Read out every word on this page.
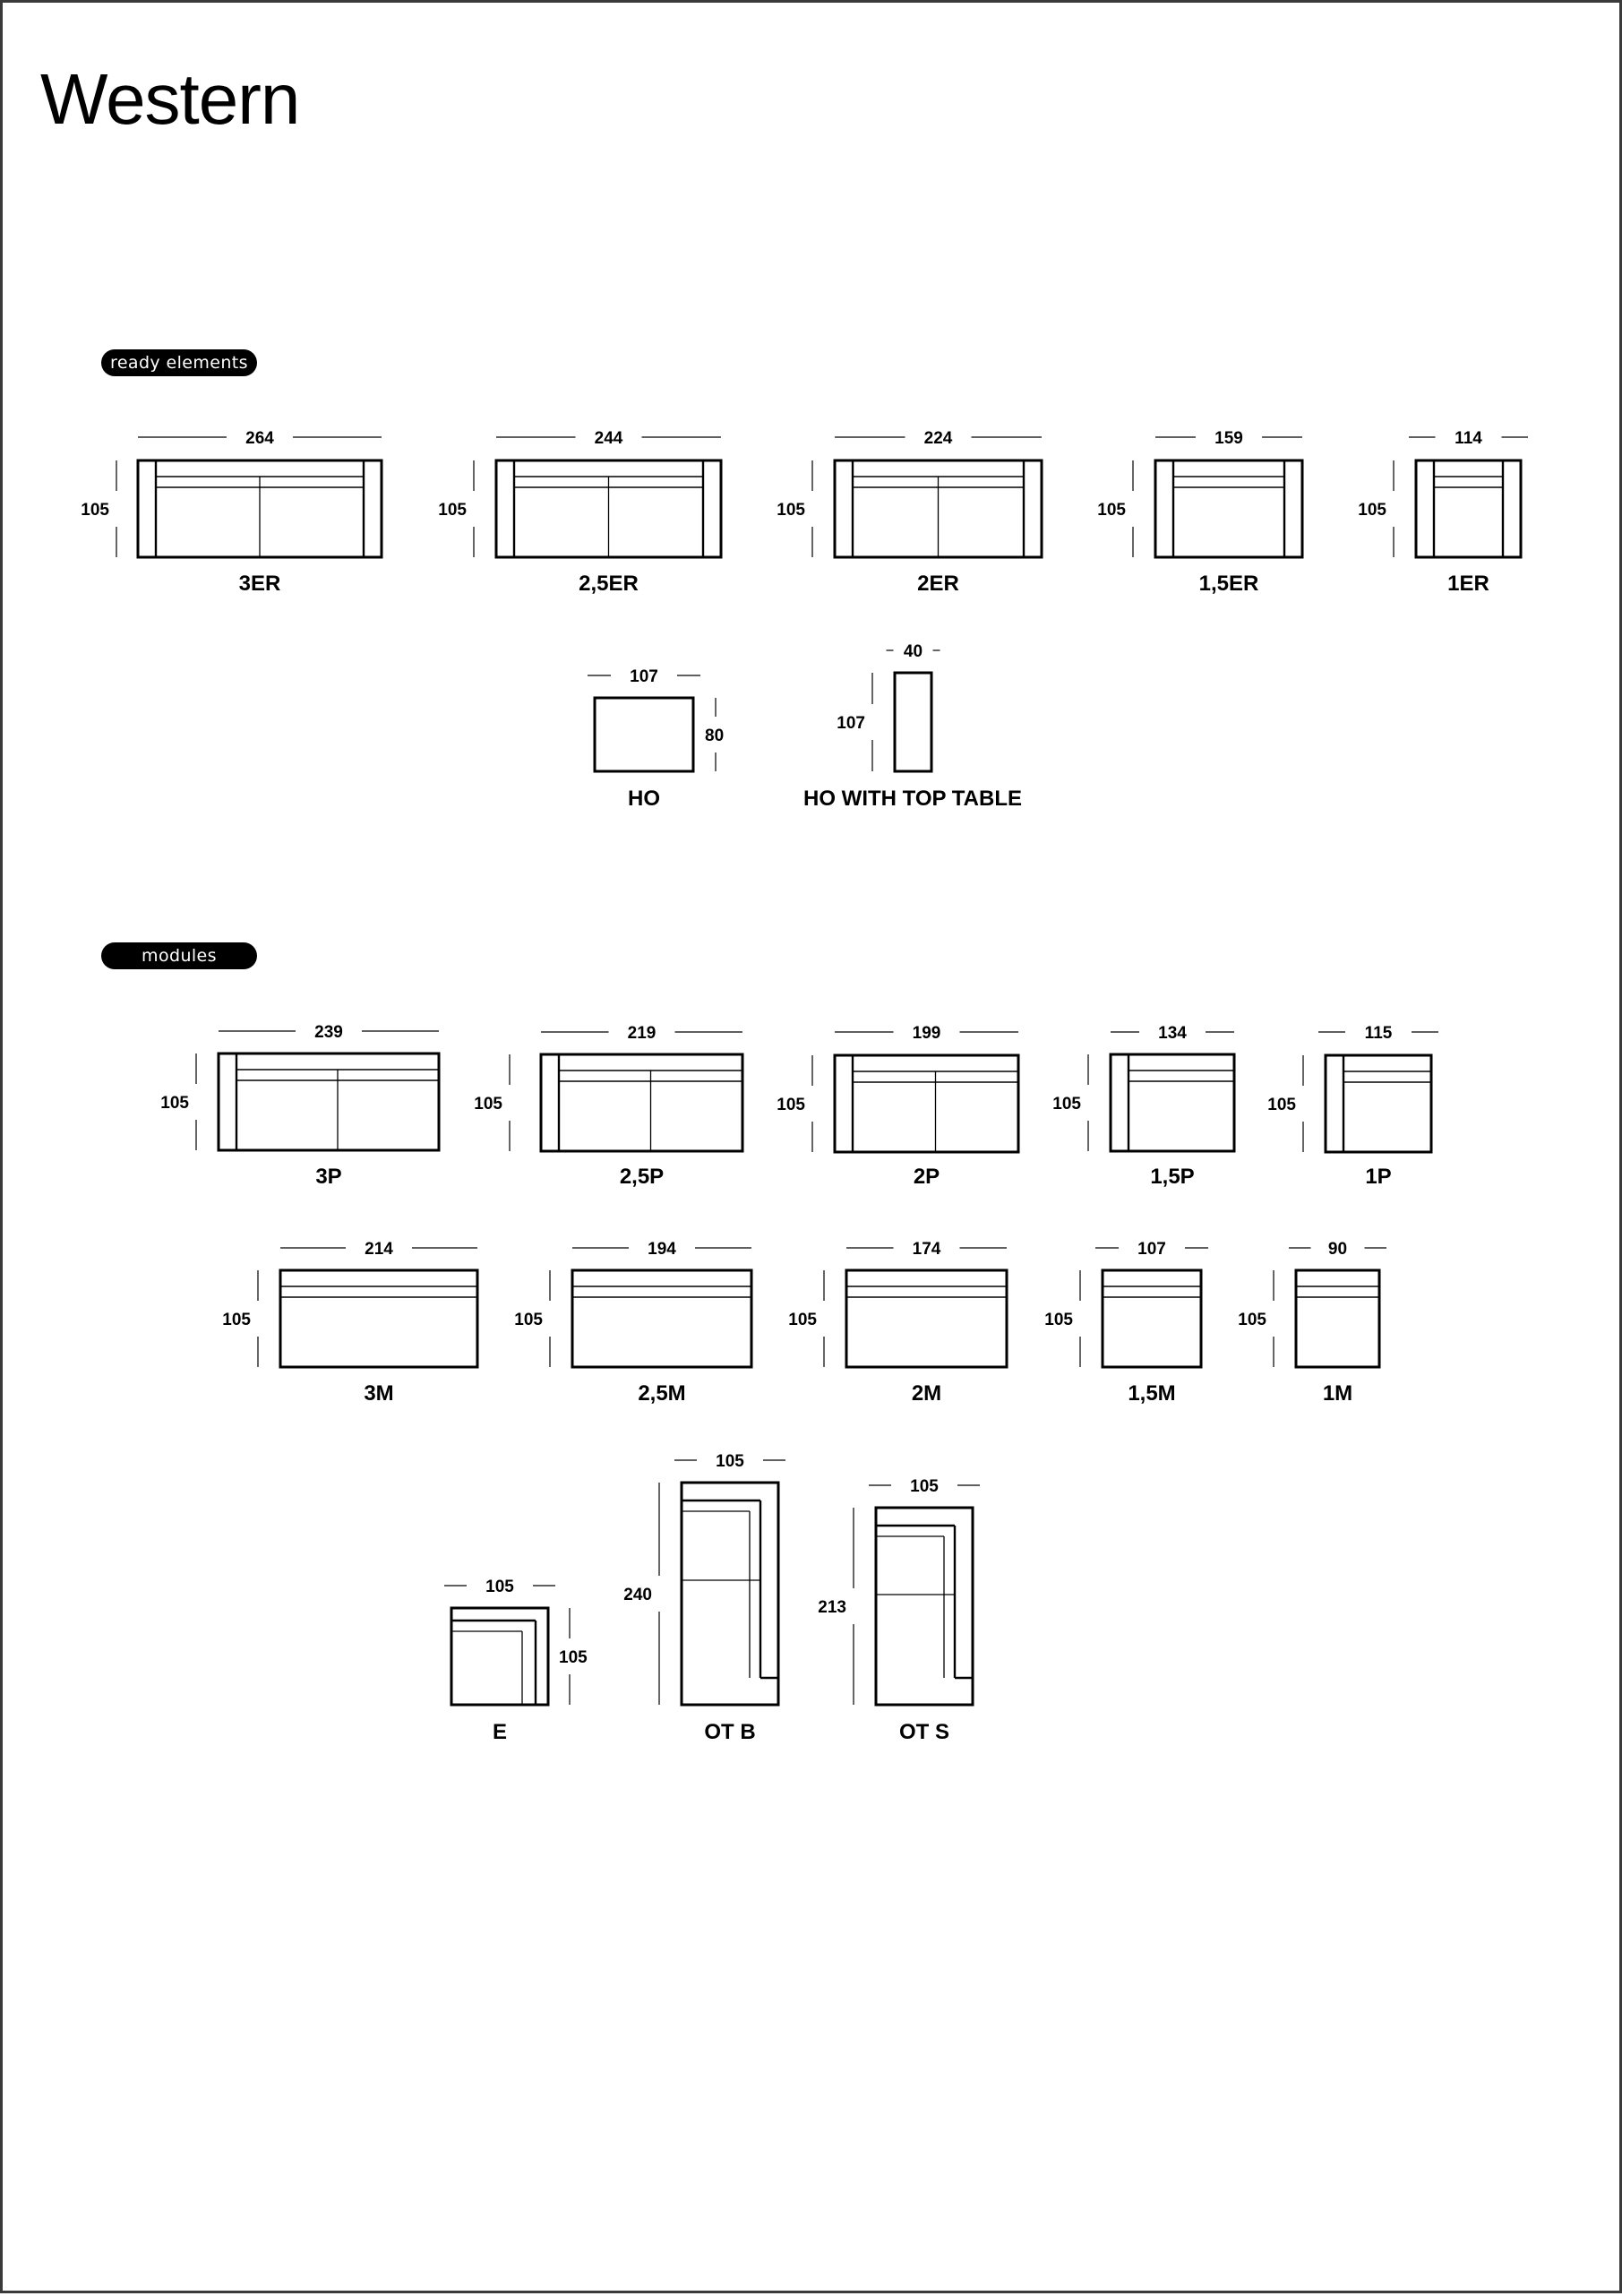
Western
ready elements
modules
264
105
3ER
244
105
2,5ER
224
105
2ER
159
105
1,5ER
114
105
1ER
107
80
HO
40
107
HO WITH TOP TABLE
239
105
3P
219
105
2,5P
199
105
2P
134
105
1,5P
115
105
1P
214
105
3M
194
105
2,5M
174
105
2M
107
105
1,5M
90
105
1M
105
105
E
105
240
OT B
105
213
OT S
